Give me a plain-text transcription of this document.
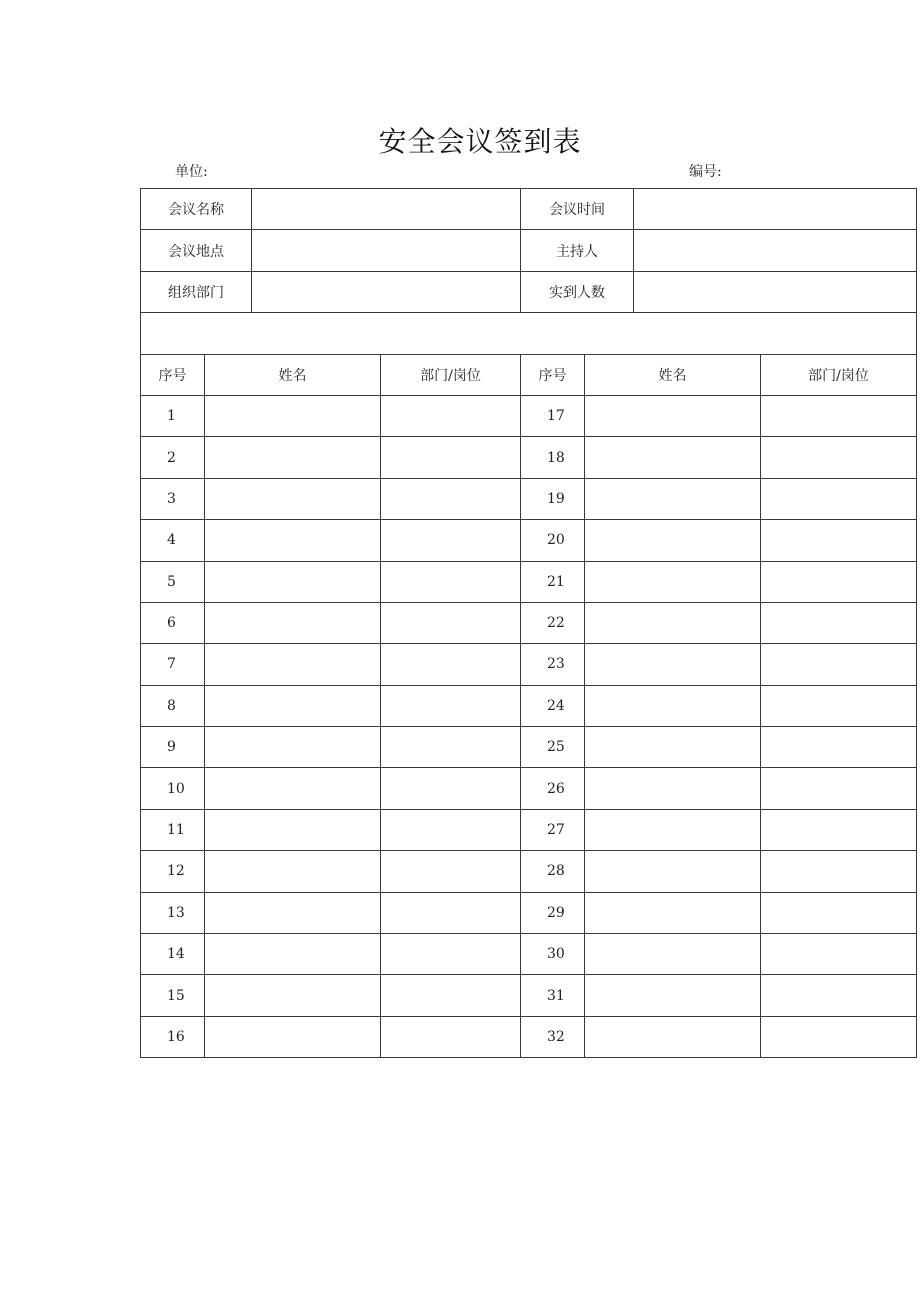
安全会议签到表
单位:	编号:
会议名称				会议时间			
会议地点				主持人			
组织部门				实到人数			

序号	姓名		部门/岗位	序号	姓名		部门/岗位
1				17			
2				18			
3				19			
4				20			
5				21			
6				22			
7				23			
8				24			
9				25			
10				26			
11				27			
12				28			
13				29			
14				30			
15				31			
16				32			
